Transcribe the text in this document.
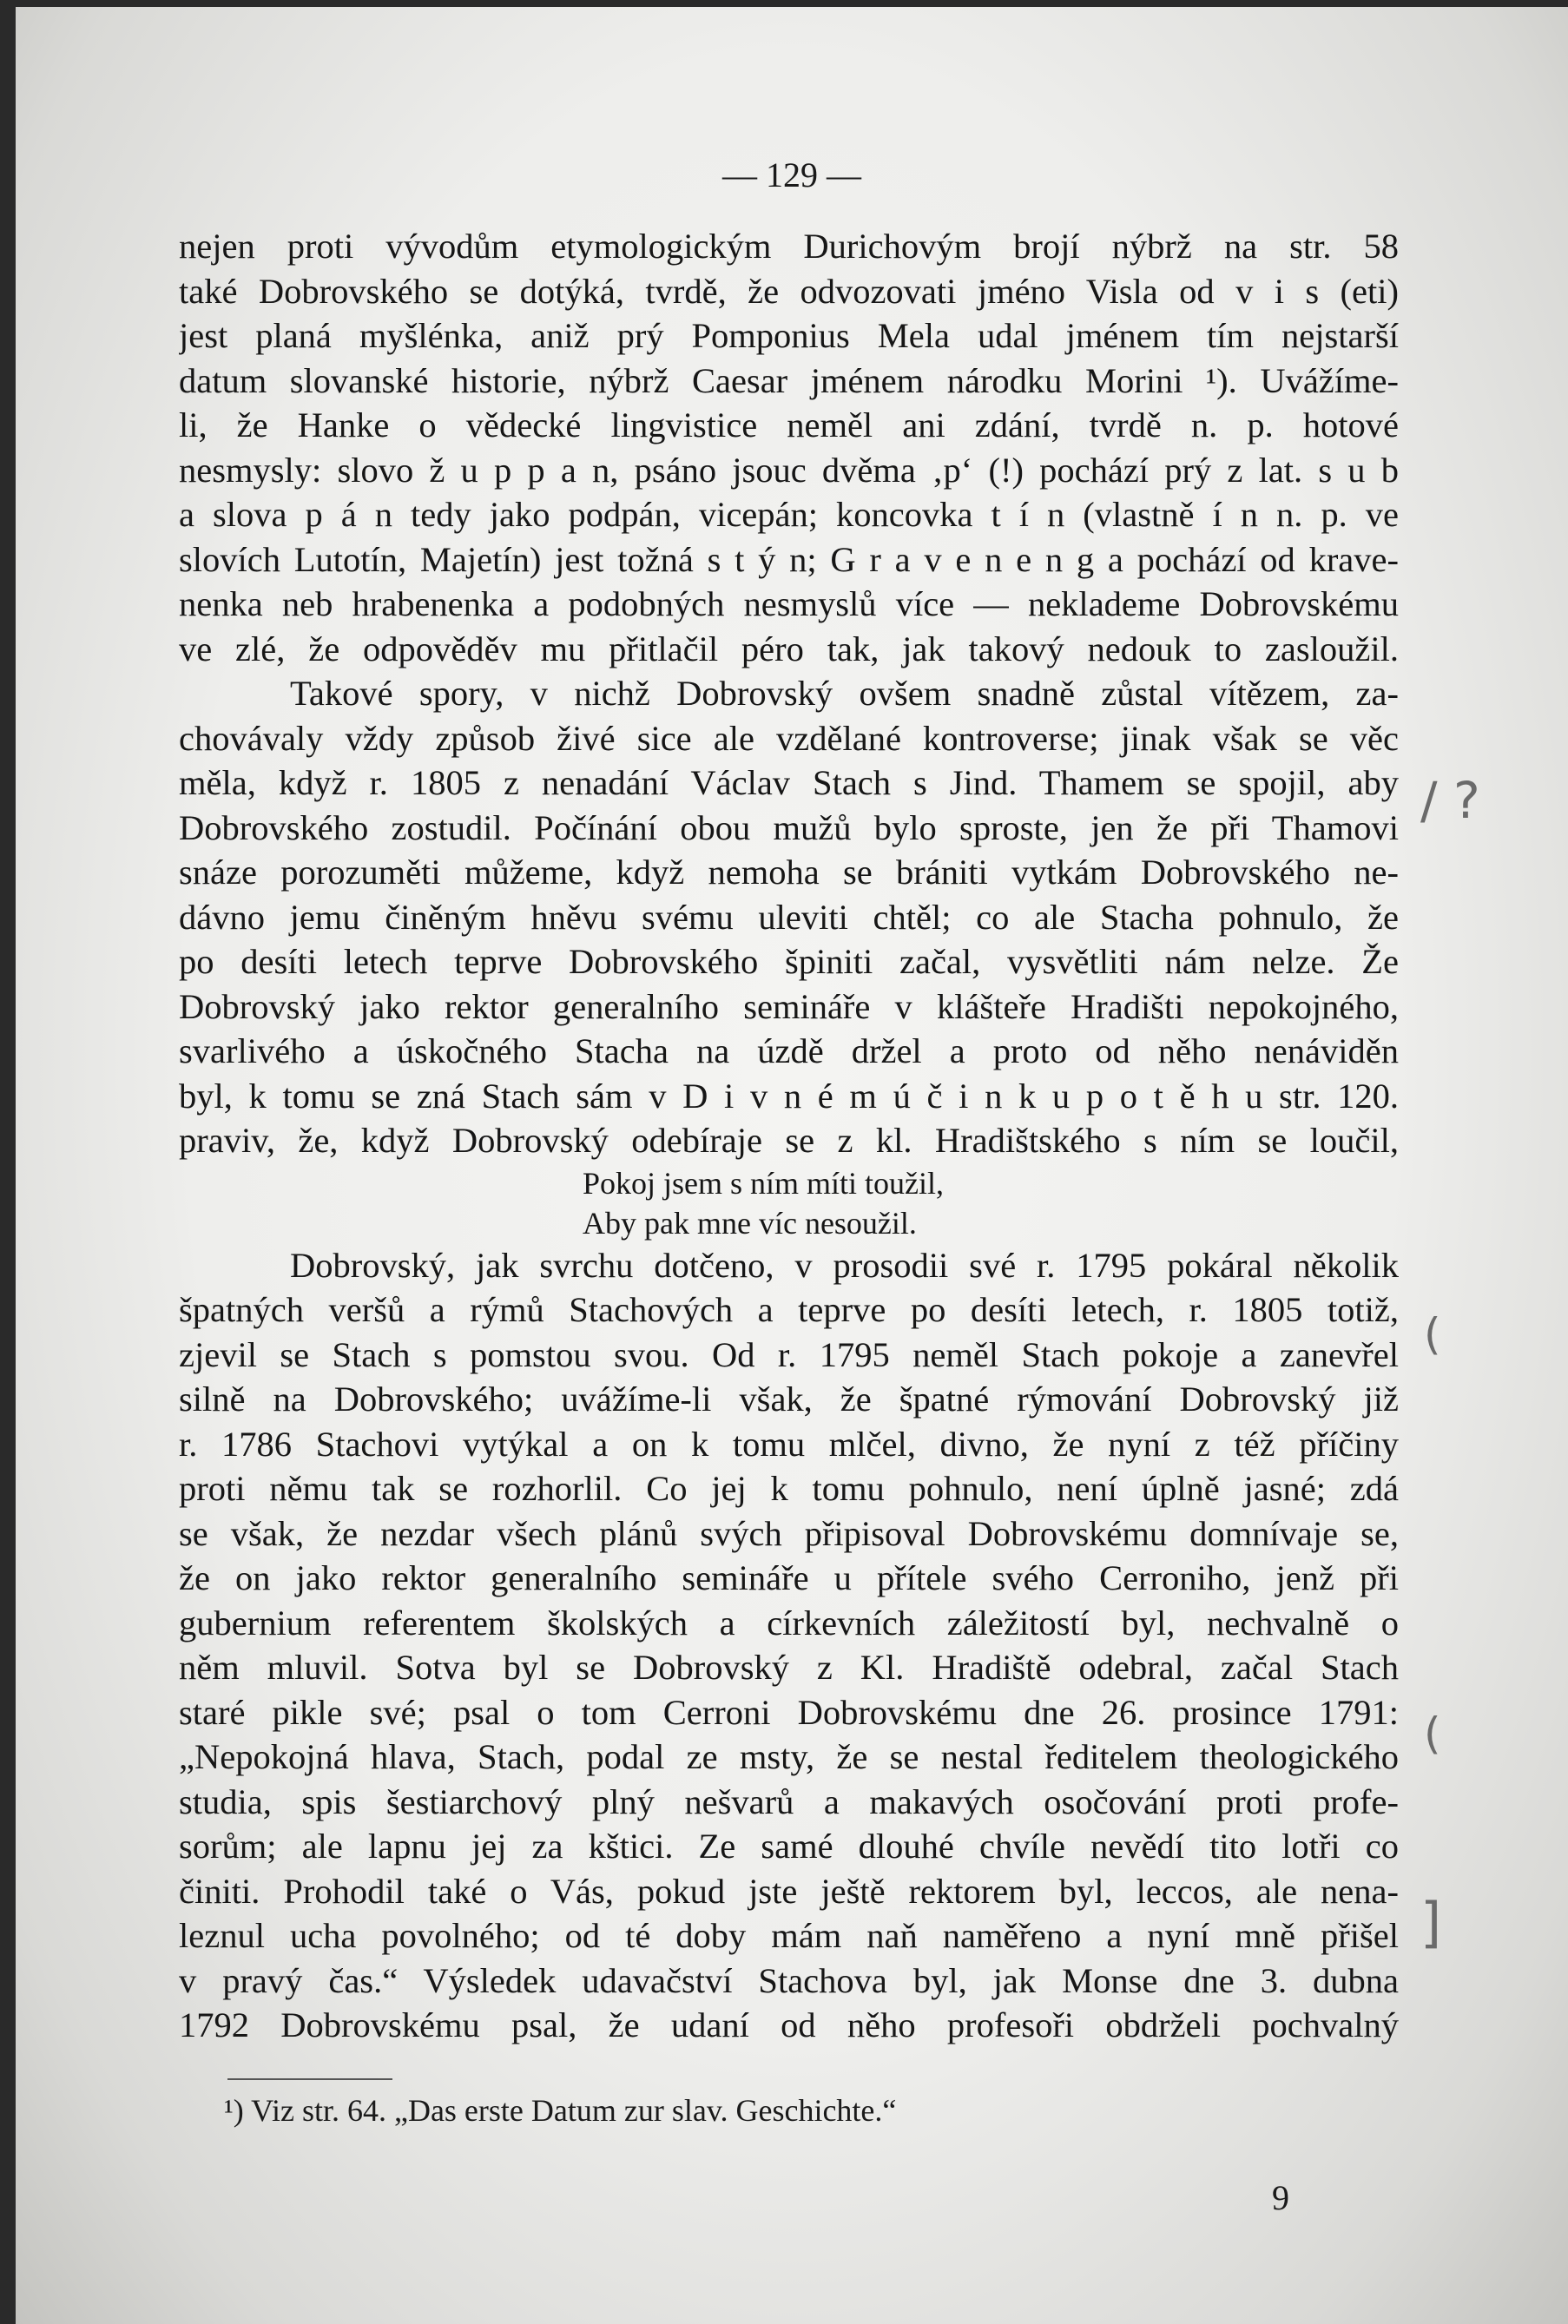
— 129 —
nejen proti vývodům etymologickým Durichovým brojí nýbrž na str. 58
také Dobrovského se dotýká, tvrdě, že odvozovati jméno Visla od v i s (eti)
jest planá myšlénka, aniž prý Pomponius Mela udal jménem tím nejstarší
datum slovanské historie, nýbrž Caesar jménem národku Morini ¹). Uvážíme-
li, že Hanke o vědecké lingvistice neměl ani zdání, tvrdě n. p. hotové
nesmysly: slovo ž u p p a n, psáno jsouc dvěma ‚p‘ (!) pochází prý z lat. s u b
a slova p á n tedy jako podpán, vicepán; koncovka t í n (vlastně í n n. p. ve
slovích Lutotín, Majetín) jest tožná s t ý n; G r a v e n e n g a pochází od krave-
nenka neb hrabenenka a podobných nesmyslů více — neklademe Dobrovskému
ve zlé, že odpověděv mu přitlačil péro tak, jak takový nedouk to zasloužil.
Takové spory, v nichž Dobrovský ovšem snadně zůstal vítězem, za-
chovávaly vždy způsob živé sice ale vzdělané kontroverse; jinak však se věc
měla, když r. 1805 z nenadání Václav Stach s Jind. Thamem se spojil, aby
Dobrovského zostudil. Počínání obou mužů bylo sproste, jen že při Thamovi
snáze porozuměti můžeme, když nemoha se brániti vytkám Dobrovského ne-
dávno jemu činěným hněvu svému uleviti chtěl; co ale Stacha pohnulo, že
po desíti letech teprve Dobrovského špiniti začal, vysvětliti nám nelze. Že
Dobrovský jako rektor generalního semináře v klášteře Hradišti nepokojného,
svarlivého a úskočného Stacha na úzdě držel a proto od něho nenáviděn
byl, k tomu se zná Stach sám v D i v n é m ú č i n k u p o t ě h u str. 120.
praviv, že, když Dobrovský odebíraje se z kl. Hradištského s ním se loučil,
Pokoj jsem s ním míti toužil,
Aby pak mne víc nesoužil.
Dobrovský, jak svrchu dotčeno, v prosodii své r. 1795 pokáral několik
špatných veršů a rýmů Stachových a teprve po desíti letech, r. 1805 totiž,
zjevil se Stach s pomstou svou. Od r. 1795 neměl Stach pokoje a zanevřel
silně na Dobrovského; uvážíme-li však, že špatné rýmování Dobrovský již
r. 1786 Stachovi vytýkal a on k tomu mlčel, divno, že nyní z též příčiny
proti němu tak se rozhorlil. Co jej k tomu pohnulo, není úplně jasné; zdá
se však, že nezdar všech plánů svých připisoval Dobrovskému domnívaje se,
že on jako rektor generalního semináře u přítele svého Cerroniho, jenž při
gubernium referentem školských a církevních záležitostí byl, nechvalně o
něm mluvil. Sotva byl se Dobrovský z Kl. Hradiště odebral, začal Stach
staré pikle své; psal o tom Cerroni Dobrovskému dne 26. prosince 1791:
„Nepokojná hlava, Stach, podal ze msty, že se nestal ředitelem theologického
studia, spis šestiarchový plný nešvarů a makavých osočování proti profe-
sorům; ale lapnu jej za kštici. Ze samé dlouhé chvíle nevědí tito lotři co
činiti. Prohodil také o Vás, pokud jste ještě rektorem byl, leccos, ale nena-
leznul ucha povolného; od té doby mám naň naměřeno a nyní mně přišel
v pravý čas.“ Výsledek udavačství Stachova byl, jak Monse dne 3. dubna
1792 Dobrovskému psal, že udaní od něho profesoři obdrželi pochvalný
¹) Viz str. 64. „Das erste Datum zur slav. Geschichte.“
9
/ ?
(
(
]
